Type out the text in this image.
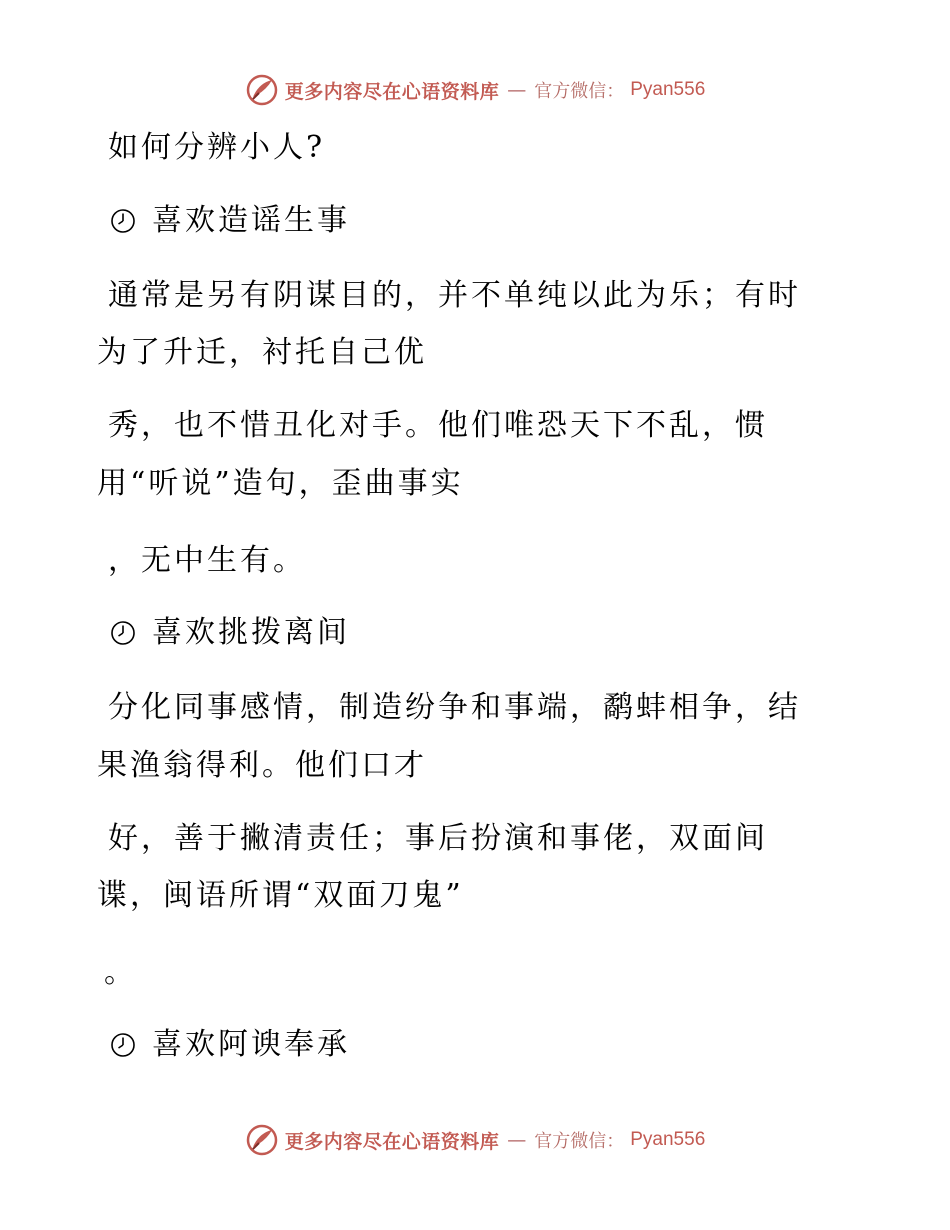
更多内容尽在心语资料库 — 官方微信： Pyan556
如何分辨小人?
喜欢造谣生事
通常是另有阴谋目的，并不单纯以此为乐；有时
为了升迁，衬托自己优
秀，也不惜丑化对手。他们唯恐天下不乱，惯
用“听说”造句，歪曲事实
，无中生有。
喜欢挑拨离间
分化同事感情，制造纷争和事端，鹬蚌相争，结
果渔翁得利。他们口才
好，善于撇清责任；事后扮演和事佬，双面间
谍，闽语所谓“双面刀鬼”
。
喜欢阿谀奉承
更多内容尽在心语资料库 — 官方微信： Pyan556
